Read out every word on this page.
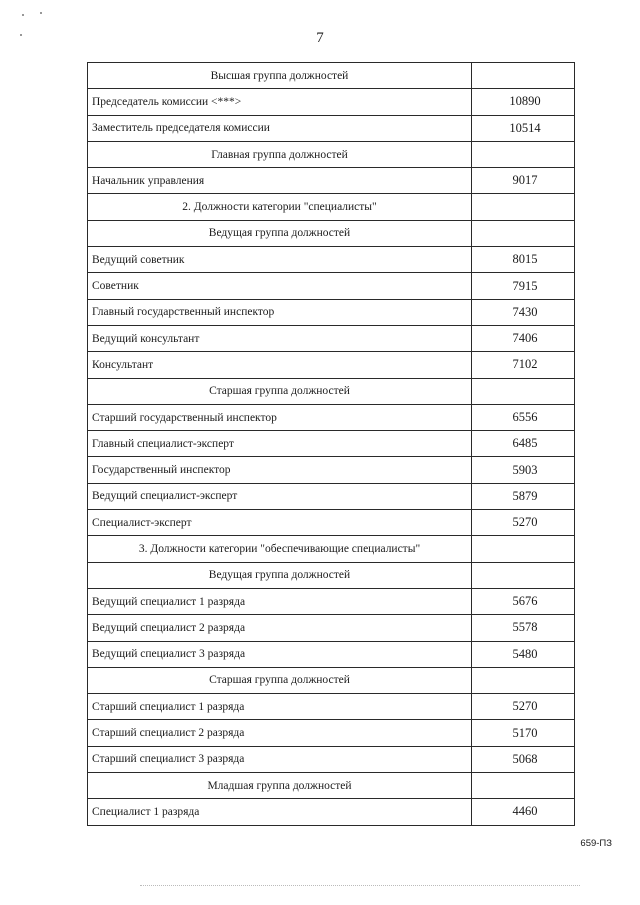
7
Высшая группа должностей	
Председатель комиссии <***>	10890
Заместитель председателя комиссии	10514
Главная группа должностей	
Начальник управления	9017
2. Должности категории "специалисты"	
Ведущая группа должностей	
Ведущий советник	8015
Советник	7915
Главный государственный инспектор	7430
Ведущий консультант	7406
Консультант	7102
Старшая группа должностей	
Старший государственный инспектор	6556
Главный специалист-эксперт	6485
Государственный инспектор	5903
Ведущий специалист-эксперт	5879
Специалист-эксперт	5270
3. Должности категории "обеспечивающие специалисты"	
Ведущая группа должностей	
Ведущий специалист 1 разряда	5676
Ведущий специалист 2 разряда	5578
Ведущий специалист 3 разряда	5480
Старшая группа должностей	
Старший специалист 1 разряда	5270
Старший специалист 2 разряда	5170
Старший специалист 3 разряда	5068
Младшая группа должностей	
Специалист 1 разряда	4460
659-ПЗ
